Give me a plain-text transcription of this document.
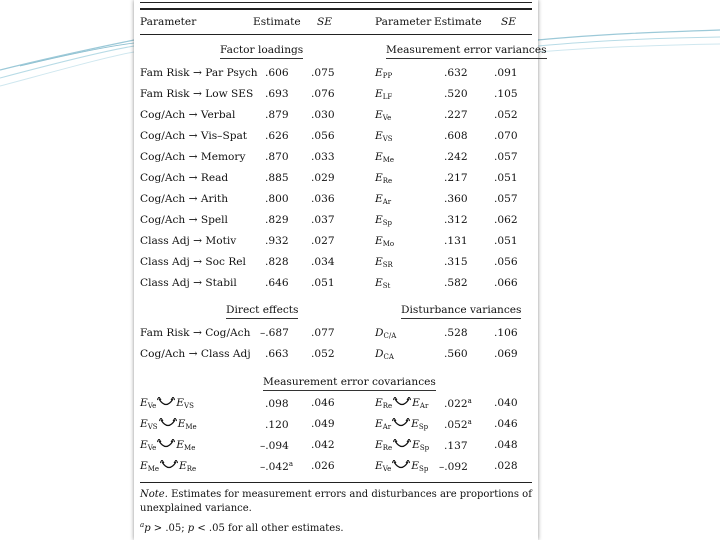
Parameter	Estimate SE	Parameter Estimate SE
Factor loadings	Measurement error variances
Fam Risk → Par Psych .606 .075	$E_{PP}$	.632 .091
Fam Risk → Low SES .693 .076	$E_{LF}$	.520 .105
Cog/Ach → Verbal	.879 .030	$E_{Ve}$	.227 .052
Cog/Ach → Vis–Spat .626 .056	$E_{VS}$	.608 .070
Cog/Ach → Memory .870 .033	$E_{Me}$	.242 .057
Cog/Ach → Read	.885 .029	$E_{Re}$	.217 .051
Cog/Ach → Arith	.800 .036	$E_{Ar}$	.360 .057
Cog/Ach → Spell	.829 .037	$E_{Sp}$	.312 .062
Class Adj → Motiv	.932 .027	$E_{Mo}$	.131 .051
Class Adj → Soc Rel .828 .034	$E_{SR}$	.315 .056
Class Adj → Stabil	.646 .051	$E_{St}$	.582 .066
Direct effects	Disturbance variances
Fam Risk → Cog/Ach –.687 .077	$D_{C/A}$	.528 .106
Cog/Ach → Class Adj .663 .052	$D_{CA}$	.560 .069
Measurement error covariances
$E_{Ve}$ $E_{VS}$	.098 .046	$E_{Re}$ $E_{Ar}$ .022$^a$ .040
$E_{VS}$ $E_{Me}$	.120 .049	$E_{Ar}$ $E_{Sp}$ .052$^a$ .046
$E_{Ve}$ $E_{Me}$	–.094 .042	$E_{Re}$ $E_{Sp}$ .137 .048
$E_{Me}$ $E_{Re}$	–.042$^a$ .026	$E_{Ve}$ $E_{Sp}$ –.092 .028
Note. Estimates for measurement errors and disturbances are proportions of unexplained variance.
$^a$p > .05; p < .05 for all other estimates.
